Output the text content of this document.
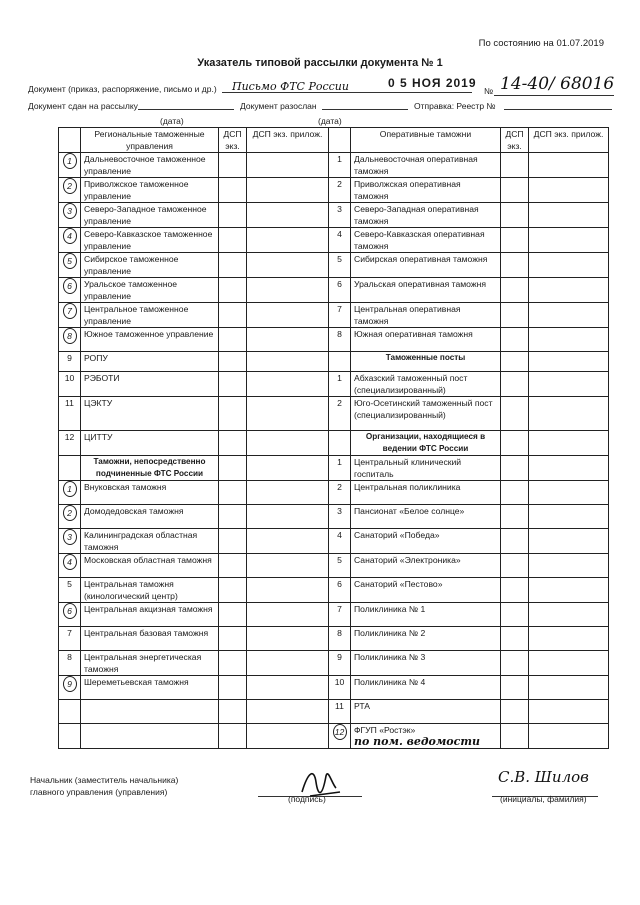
По состоянию на 01.07.2019
Указатель типовой рассылки документа № 1
Документ (приказ, распоряжение, письмо и др.) Письмо ФТС России	0 5 НОЯ 2019
№ 14-40/ 68016
Документ сдан на рассылку	Документ разослан	Отправка: Реестр №
(дата)	(дата)
	Региональные таможенные управления	ДСП экз.	ДСП экз. прилож.		Оперативные таможни	ДСП экз.	ДСП экз. прилож.
1	Дальневосточное таможенное управление			1	Дальневосточная оперативная таможня		
2	Приволжское таможенное управление			2	Приволжская оперативная таможня		
3	Северо-Западное таможенное управление			3	Северо-Западная оперативная таможня		
4	Северо-Кавказское таможенное управление			4	Северо-Кавказская оперативная таможня		
5	Сибирское таможенное управление			5	Сибирская оперативная таможня		
6	Уральское таможенное управление			6	Уральская оперативная таможня		
7	Центральное таможенное управление			7	Центральная оперативная таможня		
8	Южное таможенное управление			8	Южная оперативная таможня		
9	РОПУ				Таможенные посты		
10	РЭБОТИ			1	Абхазский таможенный пост (специализированный)		
11	ЦЭКТУ			2	Юго-Осетинский таможенный пост (специализированный)		
12	ЦИТТУ				Организации, находящиеся в ведении ФТС России		
	Таможни, непосредственно подчиненные ФТС России			1	Центральный клинический госпиталь		
1	Внуковская таможня			2	Центральная поликлиника		
2	Домодедовская таможня			3	Пансионат «Белое солнце»		
3	Калининградская областная таможня			4	Санаторий «Победа»		
4	Московская областная таможня			5	Санаторий «Электроника»		
5	Центральная таможня (кинологический центр)			6	Санаторий «Пестово»		
6	Центральная акцизная таможня			7	Поликлиника № 1		
7	Центральная базовая таможня			8	Поликлиника № 2		
8	Центральная энергетическая таможня			9	Поликлиника № 3		
9	Шереметьевская таможня			10	Поликлиника № 4		
				11	РТА		
				12	ФГУП «Ростэк»
по пом. ведомости		

Начальник (заместитель начальника) главного управления (управления)
(подпись)
С.В. Шилов
(инициалы, фамилия)
